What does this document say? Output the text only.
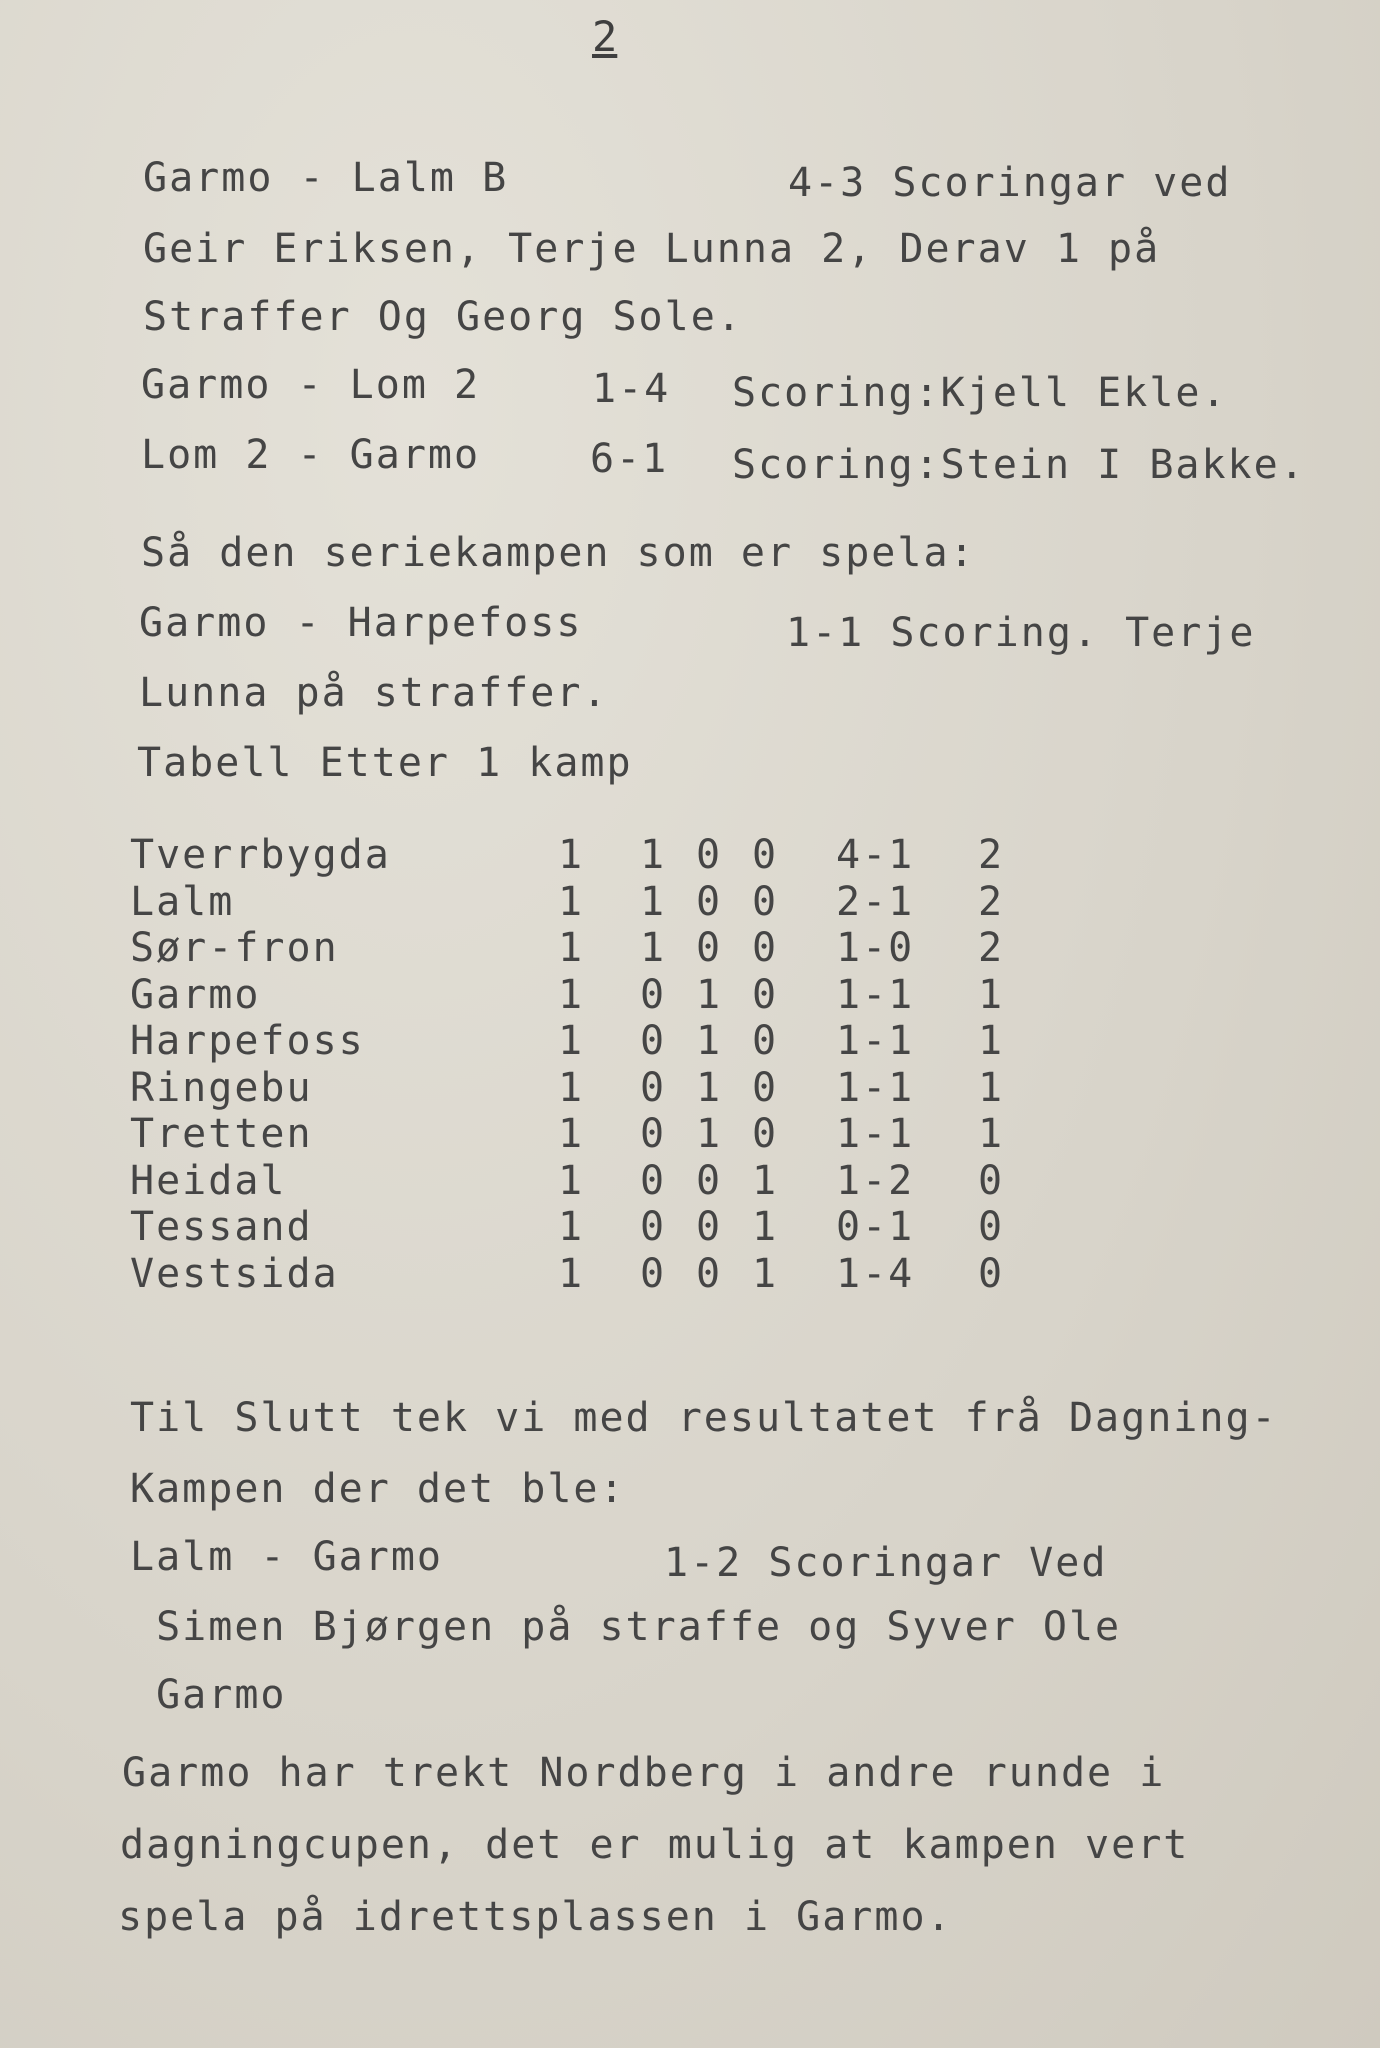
2
Garmo - Lalm B	4-3 Scoringar ved
Geir Eriksen, Terje Lunna 2, Derav 1 på
Straffer Og Georg Sole.
Garmo - Lom 2	1-4 Scoring:Kjell Ekle.
Lom 2 - Garmo	6-1 Scoring:Stein I Bakke.
Så den seriekampen som er spela:
Garmo - Harpefoss	1-1 Scoring. Terje
Lunna på straffer.
Tabell Etter 1 kamp
Tverrbygda	1 1 0 0 4-1 2
Lalm	1 1 0 0 2-1 2
Sør-fron	1 1 0 0 1-0 2
Garmo	1 0 1 0 1-1 1
Harpefoss	1 0 1 0 1-1 1
Ringebu	1 0 1 0 1-1 1
Tretten	1 0 1 0 1-1 1
Heidal	1 0 0 1 1-2 0
Tessand	1 0 0 1 0-1 0
Vestsida	1 0 0 1 1-4 0
Til Slutt tek vi med resultatet frå Dagning-
Kampen der det ble:
Lalm - Garmo	1-2 Scoringar Ved
Simen Bjørgen på straffe og Syver Ole
Garmo
Garmo har trekt Nordberg i andre runde i
dagningcupen, det er mulig at kampen vert
spela på idrettsplassen i Garmo.
